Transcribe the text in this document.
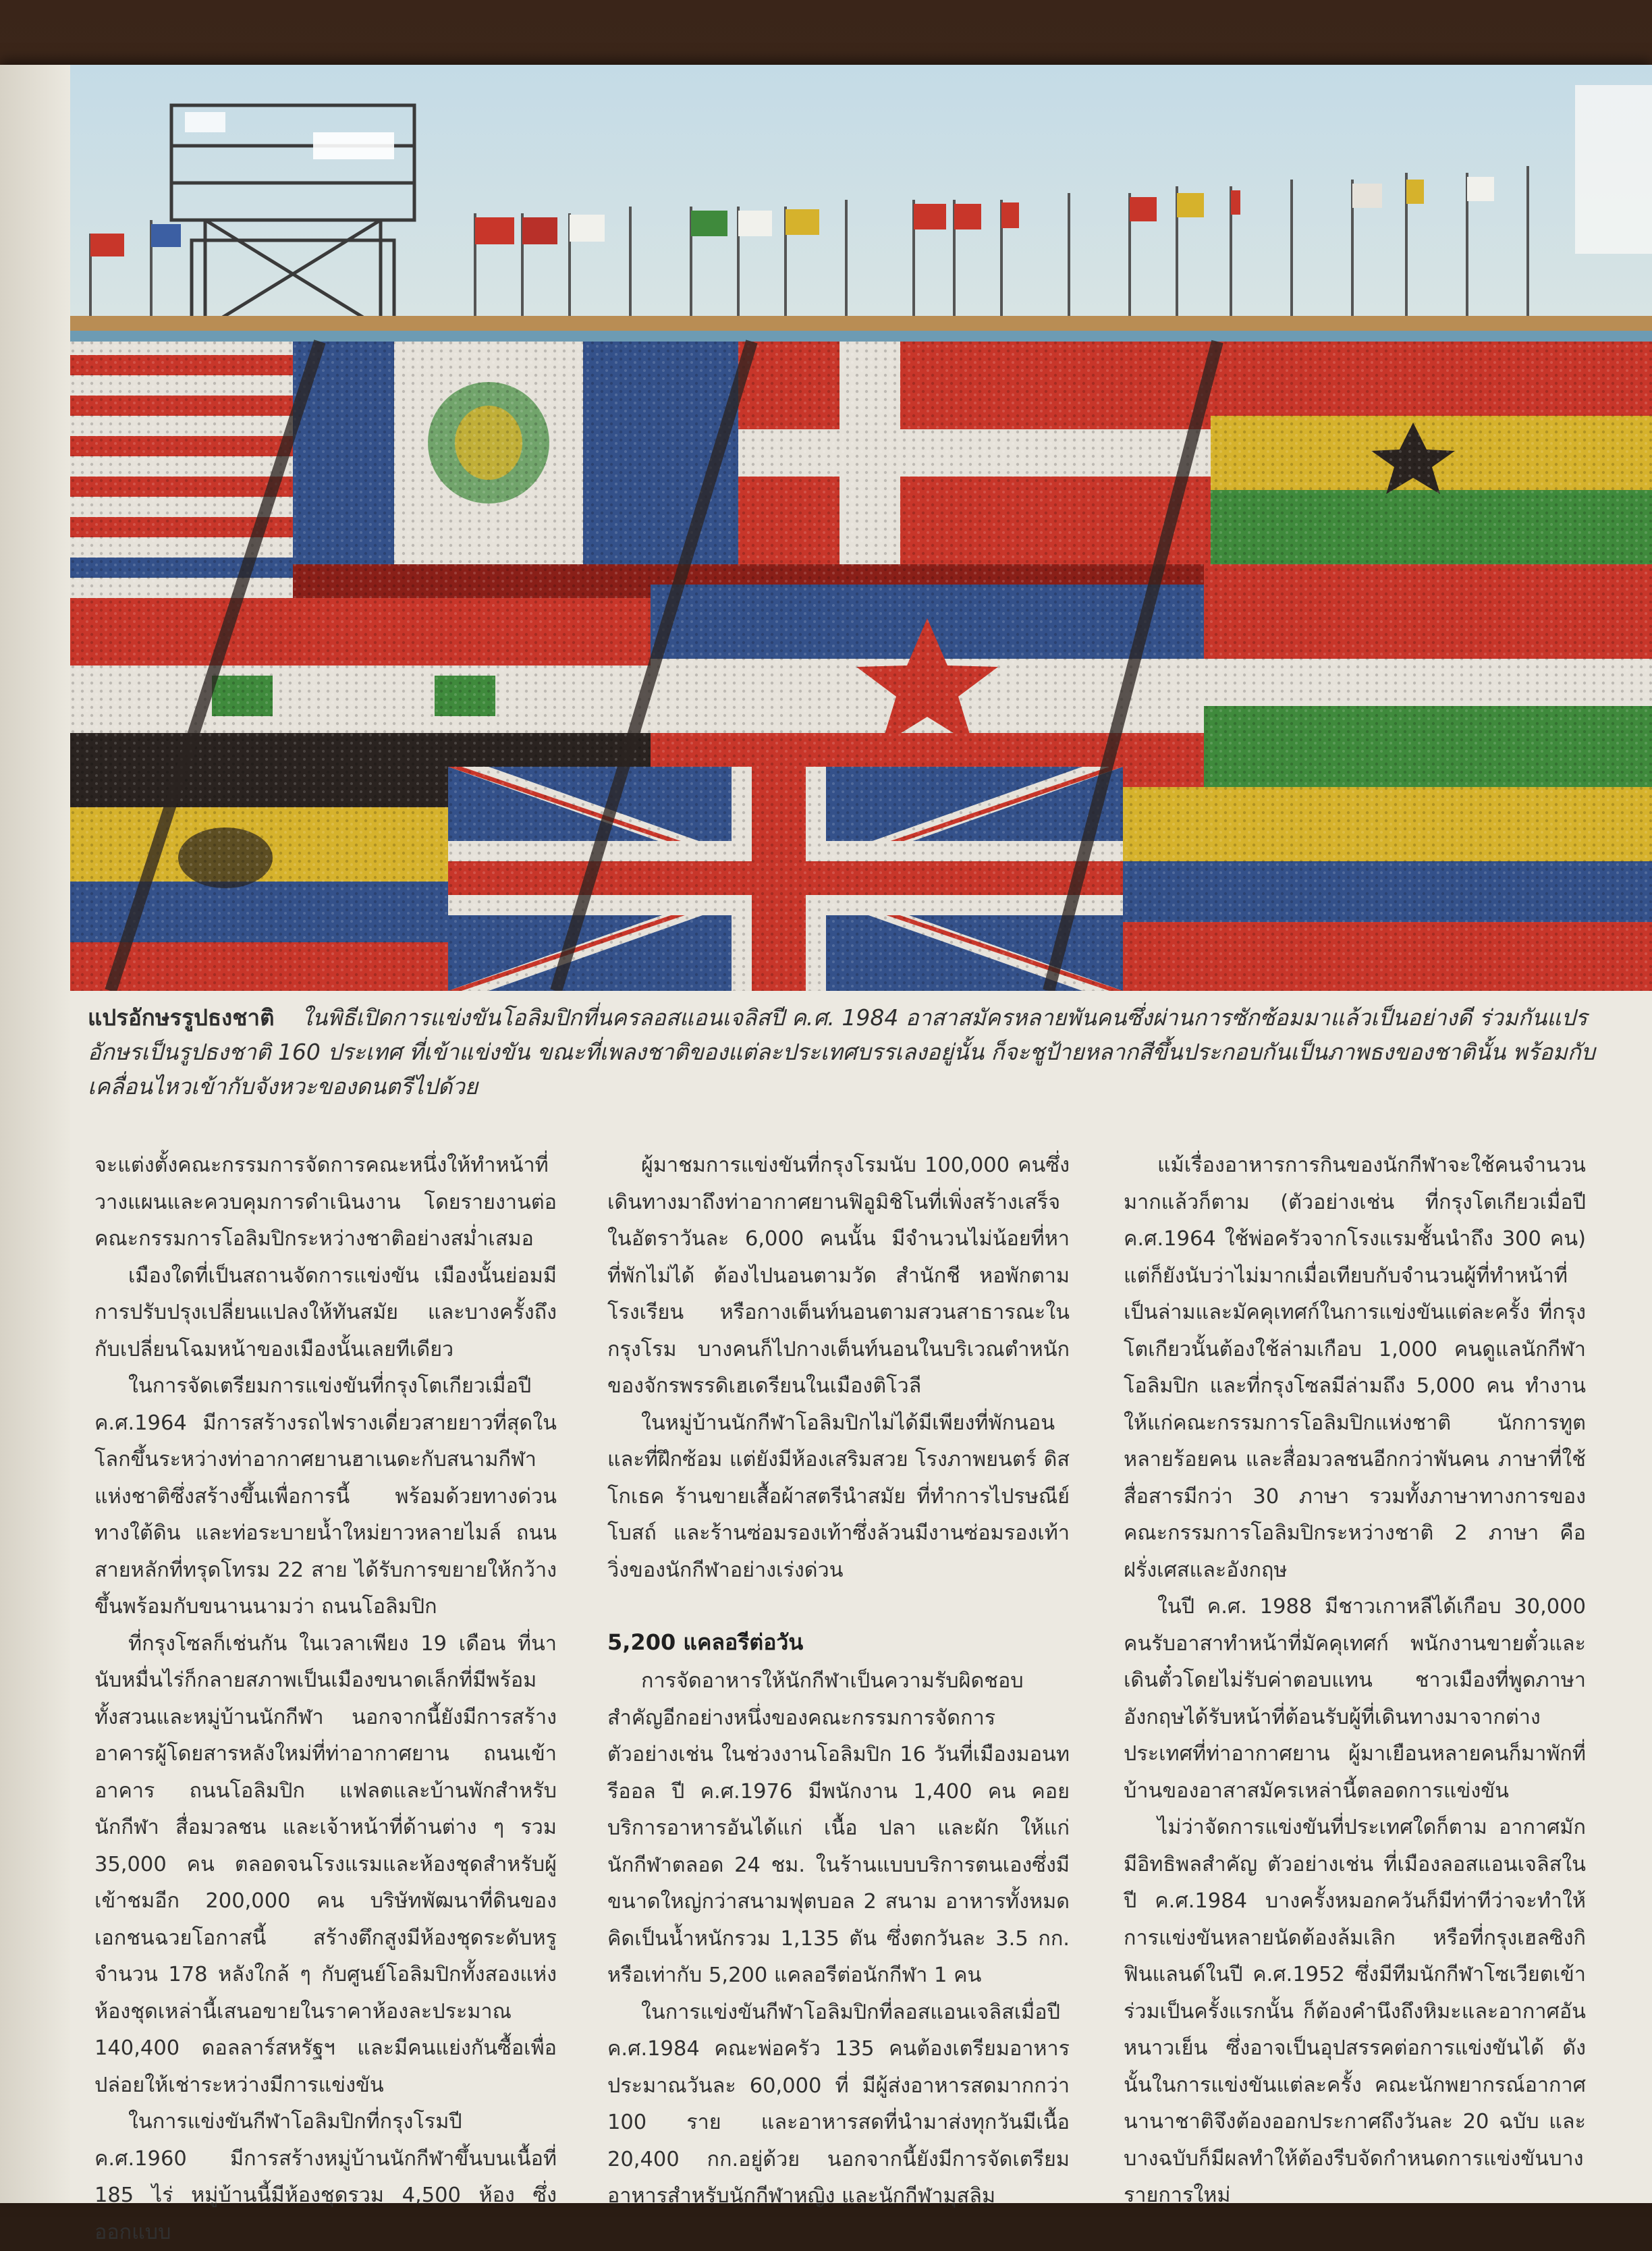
แปรอักษรรูปธงชาติ ในพิธีเปิดการแข่งขันโอลิมปิกที่นครลอสแอนเจลิสปี ค.ศ. 1984 อาสาสมัครหลายพันคนซึ่งผ่านการซักซ้อมมาแล้วเป็นอย่างดี ร่วมกันแปรอักษรเป็นรูปธงชาติ 160 ประเทศ ที่เข้าแข่งขัน ขณะที่เพลงชาติของแต่ละประเทศบรรเลงอยู่นั้น ก็จะชูป้ายหลากสีขึ้นประกอบกันเป็นภาพธงของชาตินั้น พร้อมกับเคลื่อนไหวเข้ากับจังหวะของดนตรีไปด้วย

จะแต่งตั้งคณะกรรมการจัดการคณะหนึ่งให้ทำหน้าที่วางแผนและควบคุมการดำเนินงาน โดยรายงานต่อคณะกรรมการโอลิมปิกระหว่างชาติอย่างสม่ำเสมอ

เมืองใดที่เป็นสถานจัดการแข่งขัน เมืองนั้นย่อมมีการปรับปรุงเปลี่ยนแปลงให้ทันสมัย และบางครั้งถึงกับเปลี่ยนโฉมหน้าของเมืองนั้นเลยทีเดียว

ในการจัดเตรียมการแข่งขันที่กรุงโตเกียวเมื่อปี ค.ศ.1964 มีการสร้างรถไฟรางเดี่ยวสายยาวที่สุดในโลกขึ้นระหว่างท่าอากาศยานฮาเนดะกับสนามกีฬาแห่งชาติซึ่งสร้างขึ้นเพื่อการนี้ พร้อมด้วยทางด่วน ทางใต้ดิน และท่อระบายน้ำใหม่ยาวหลายไมล์ ถนนสายหลักที่ทรุดโทรม 22 สาย ได้รับการขยายให้กว้างขึ้นพร้อมกับขนานนามว่า ถนนโอลิมปิก

ที่กรุงโซลก็เช่นกัน ในเวลาเพียง 19 เดือน ที่นานับหมื่นไร่ก็กลายสภาพเป็นเมืองขนาดเล็กที่มีพร้อมทั้งสวนและหมู่บ้านนักกีฬา นอกจากนี้ยังมีการสร้างอาคารผู้โดยสารหลังใหม่ที่ท่าอากาศยาน ถนนเข้าอาคาร ถนนโอลิมปิก แฟลตและบ้านพักสำหรับนักกีฬา สื่อมวลชน และเจ้าหน้าที่ด้านต่าง ๆ รวม 35,000 คน ตลอดจนโรงแรมและห้องชุดสำหรับผู้เข้าชมอีก 200,000 คน บริษัทพัฒนาที่ดินของเอกชนฉวยโอกาสนี้ สร้างตึกสูงมีห้องชุดระดับหรูจำนวน 178 หลังใกล้ ๆ กับศูนย์โอลิมปิกทั้งสองแห่ง ห้องชุดเหล่านี้เสนอขายในราคาห้องละประมาณ 140,400 ดอลลาร์สหรัฐฯ และมีคนแย่งกันซื้อเพื่อปล่อยให้เช่าระหว่างมีการแข่งขัน

ในการแข่งขันกีฬาโอลิมปิกที่กรุงโรมปี ค.ศ.1960 มีการสร้างหมู่บ้านนักกีฬาขึ้นบนเนื้อที่ 185 ไร่ หมู่บ้านนี้มีห้องชุดรวม 4,500 ห้อง ซึ่งออกแบบ

ผู้มาชมการแข่งขันที่กรุงโรมนับ 100,000 คนซึ่งเดินทางมาถึงท่าอากาศยานฟิอูมิชิโนที่เพิ่งสร้างเสร็จในอัตราวันละ 6,000 คนนั้น มีจำนวนไม่น้อยที่หาที่พักไม่ได้ ต้องไปนอนตามวัด สำนักชี หอพักตามโรงเรียน หรือกางเต็นท์นอนตามสวนสาธารณะในกรุงโรม บางคนก็ไปกางเต็นท์นอนในบริเวณตำหนักของจักรพรรดิเฮเดรียนในเมืองติโวลี

ในหมู่บ้านนักกีฬาโอลิมปิกไม่ได้มีเพียงที่พักนอนและที่ฝึกซ้อม แต่ยังมีห้องเสริมสวย โรงภาพยนตร์ ดิสโกเธค ร้านขายเสื้อผ้าสตรีนำสมัย ที่ทำการไปรษณีย์ โบสถ์ และร้านซ่อมรองเท้าซึ่งล้วนมีงานซ่อมรองเท้าวิ่งของนักกีฬาอย่างเร่งด่วน

5,200 แคลอรีต่อวัน

การจัดอาหารให้นักกีฬาเป็นความรับผิดชอบสำคัญอีกอย่างหนึ่งของคณะกรรมการจัดการ ตัวอย่างเช่น ในช่วงงานโอลิมปิก 16 วันที่เมืองมอนทรีออล ปี ค.ศ.1976 มีพนักงาน 1,400 คน คอยบริการอาหารอันได้แก่ เนื้อ ปลา และผัก ให้แก่นักกีฬาตลอด 24 ชม. ในร้านแบบบริการตนเองซึ่งมีขนาดใหญ่กว่าสนามฟุตบอล 2 สนาม อาหารทั้งหมดคิดเป็นน้ำหนักรวม 1,135 ตัน ซึ่งตกวันละ 3.5 กก. หรือเท่ากับ 5,200 แคลอรีต่อนักกีฬา 1 คน

ในการแข่งขันกีฬาโอลิมปิกที่ลอสแอนเจลิสเมื่อปี ค.ศ.1984 คณะพ่อครัว 135 คนต้องเตรียมอาหารประมาณวันละ 60,000 ที่ มีผู้ส่งอาหารสดมากกว่า 100 ราย และอาหารสดที่นำมาส่งทุกวันมีเนื้อ 20,400 กก.อยู่ด้วย นอกจากนี้ยังมีการจัดเตรียมอาหารสำหรับนักกีฬาหญิง และนักกีฬามุสลิม

แม้เรื่องอาหารการกินของนักกีฬาจะใช้คนจำนวนมากแล้วก็ตาม (ตัวอย่างเช่น ที่กรุงโตเกียวเมื่อปี ค.ศ.1964 ใช้พ่อครัวจากโรงแรมชั้นนำถึง 300 คน) แต่ก็ยังนับว่าไม่มากเมื่อเทียบกับจำนวนผู้ที่ทำหน้าที่เป็นล่ามและมัคคุเทศก์ในการแข่งขันแต่ละครั้ง ที่กรุงโตเกียวนั้นต้องใช้ล่ามเกือบ 1,000 คนดูแลนักกีฬาโอลิมปิก และที่กรุงโซลมีล่ามถึง 5,000 คน ทำงานให้แก่คณะกรรมการโอลิมปิกแห่งชาติ นักการทูตหลายร้อยคน และสื่อมวลชนอีกกว่าพันคน ภาษาที่ใช้สื่อสารมีกว่า 30 ภาษา รวมทั้งภาษาทางการของคณะกรรมการโอลิมปิกระหว่างชาติ 2 ภาษา คือฝรั่งเศสและอังกฤษ

ในปี ค.ศ. 1988 มีชาวเกาหลีได้เกือบ 30,000 คนรับอาสาทำหน้าที่มัคคุเทศก์ พนักงานขายตั๋วและเดินตั๋วโดยไม่รับค่าตอบแทน ชาวเมืองที่พูดภาษาอังกฤษได้รับหน้าที่ต้อนรับผู้ที่เดินทางมาจากต่างประเทศที่ท่าอากาศยาน ผู้มาเยือนหลายคนก็มาพักที่บ้านของอาสาสมัครเหล่านี้ตลอดการแข่งขัน

ไม่ว่าจัดการแข่งขันที่ประเทศใดก็ตาม อากาศมักมีอิทธิพลสำคัญ ตัวอย่างเช่น ที่เมืองลอสแอนเจลิสในปี ค.ศ.1984 บางครั้งหมอกควันก็มีท่าทีว่าจะทำให้การแข่งขันหลายนัดต้องล้มเลิก หรือที่กรุงเฮลซิงกิฟินแลนด์ในปี ค.ศ.1952 ซึ่งมีทีมนักกีฬาโซเวียตเข้าร่วมเป็นครั้งแรกนั้น ก็ต้องคำนึงถึงหิมะและอากาศอันหนาวเย็น ซึ่งอาจเป็นอุปสรรคต่อการแข่งขันได้ ดังนั้นในการแข่งขันแต่ละครั้ง คณะนักพยากรณ์อากาศนานาชาติจึงต้องออกประกาศถึงวันละ 20 ฉบับ และบางฉบับก็มีผลทำให้ต้องรีบจัดกำหนดการแข่งขันบางรายการใหม่
